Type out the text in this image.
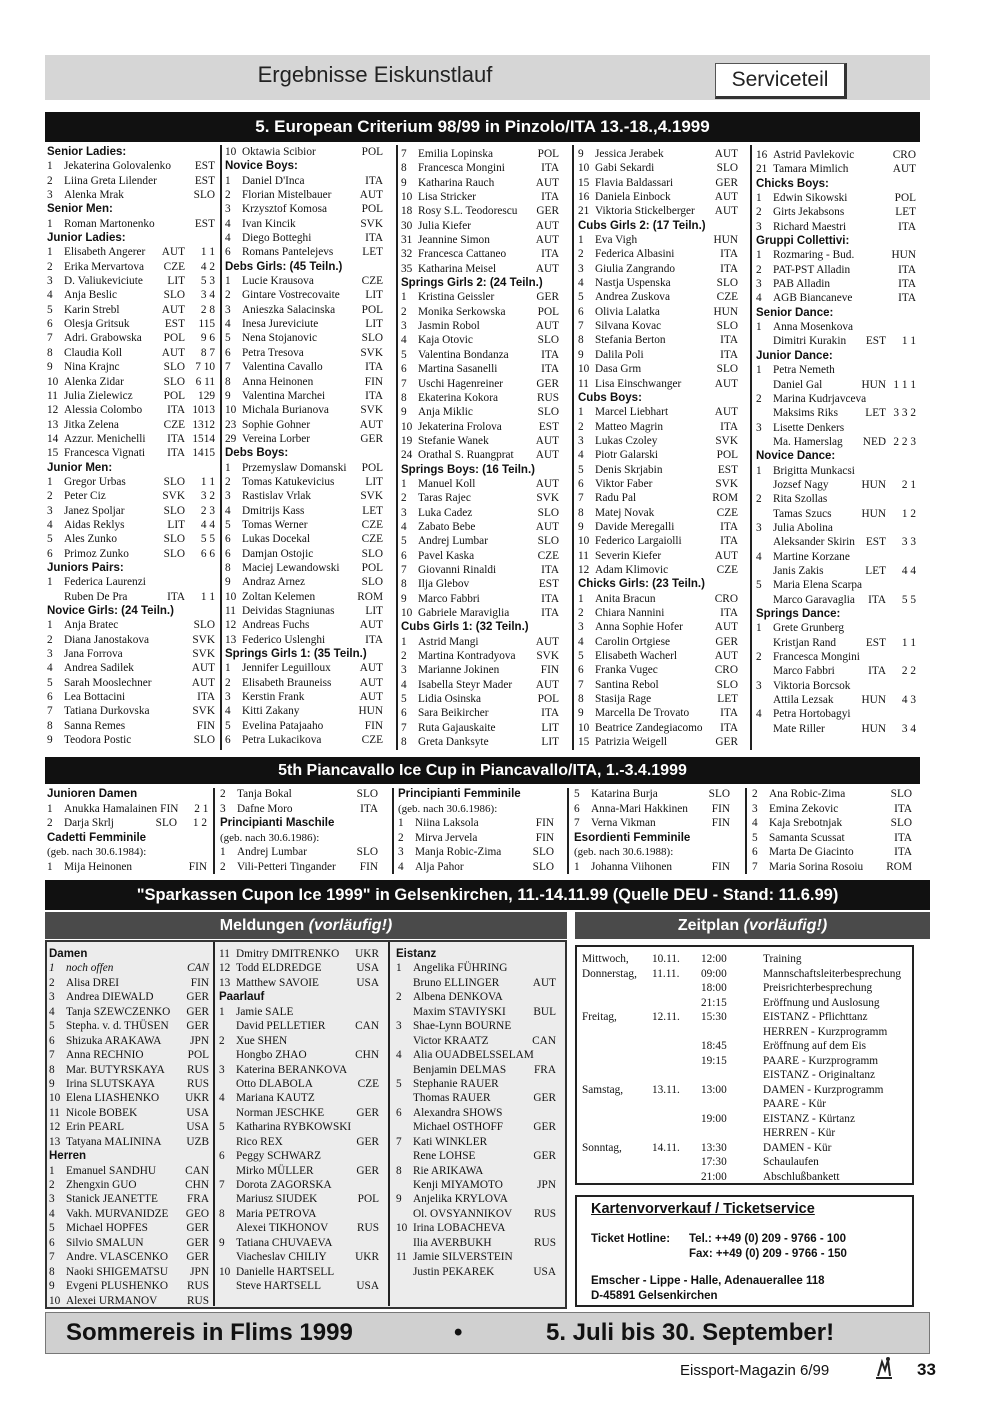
Ergebnisse Eiskunstlauf	Serviceteil
5. European Criterium 98/99 in Pinzolo/ITA 13.-18.,4.1999
Senior Ladies:
1	Jekaterina Golovalenko	EST
2	Liina Greta Lilender	EST
3	Alenka Mrak	SLO
Senior Men:
1	Roman Martonenko	EST
Junior Ladies:
1	Elisabeth Angerer	AUT	1 1
2	Erika Mervartova	CZE	4 2
3	D. Valiukeviciute	LIT	5 3
4	Anja Beslic	SLO	3 4
5	Karin Strebl	AUT	2 8
6	Olesja Gritsuk	EST	115
7	Adri. Grabowska	POL	9 6
8	Claudia Koll	AUT	8 7
9	Nina Krajnc	SLO 7 10
10 Alenka Zidar	SLO 6 11
11 Julia Zielewicz	POL	129
12 Alessia Colombo	ITA 1013
13 Jitka Zelena	CZE 1312
14 Azzur. Menichelli	ITA 1514
15 Francesca Vignati	ITA 1415
Junior Men:
1	Gregor Urbas	SLO	1 1
2	Peter Ciz	SVK	3 2
3	Janez Spoljar	SLO	2 3
4	Aidas Reklys	LIT	4 4
5	Ales Zunko	SLO	5 5
6	Primoz Zunko	SLO	6 6
Juniors Pairs:
1	Federica Laurenzi
Ruben De Pra	ITA	1 1
Novice Girls: (24 Teiln.)
1	Anja Bratec	SLO
2	Diana Janostakova	SVK
3	Jana Forrova	SVK
4	Andrea Sadilek	AUT
5	Sarah Mooslechner	AUT
6	Lea Bottacini	ITA
7	Tatiana Durkovska	SVK
8	Sanna Remes	FIN
9	Teodora Postic	SLO
10 Oktawia Scibior	POL
Novice Boys:
1	Daniel D'Inca	ITA
2	Florian Mistelbauer	AUT
3	Krzysztof Komosa	POL
4	Ivan Kincik	SVK
4	Diego Botteghi	ITA
6	Romans Pantelejevs	LET
Debs Girls: (45 Teiln.)
1	Lucie Krausova	CZE
2	Gintare Vostrecovaite	LIT
3	Anieszka Salacinska	POL
4	Inesa Jureviciute	LIT
5	Nena Stojanovic	SLO
6	Petra Tresova	SVK
7	Valentina Cavallo	ITA
8	Anna Heinonen	FIN
9	Valentina Marchei	ITA
10 Michala Burianova	SVK
23 Sophie Gohner	AUT
29 Vereina Lorber	GER
Debs Boys:
1	Przemyslaw Domanski	POL
2	Tomas Katukevicius	LIT
3	Rastislav Vrlak	SVK
4	Dmitrijs Kass	LET
5	Tomas Werner	CZE
6	Lukas Docekal	CZE
6	Damjan Ostojic	SLO
8	Maciej Lewandowski	POL
9	Andraz Arnez	SLO
10 Zoltan Kelemen	ROM
11 Deividas Stagniunas	LIT
12 Andreas Fuchs	AUT
13 Federico Uslenghi	ITA
Springs Girls 1: (35 Teiln.)
1	Jennifer Leguilloux	AUT
2	Elisabeth Brauneiss	AUT
3	Kerstin Frank	AUT
4	Kitti Zakany	HUN
5	Evelina Patajaaho	FIN
6	Petra Lukacikova	CZE
7	Emilia Lopinska	POL
8	Francesca Mongini	ITA
9	Katharina Rauch	AUT
10 Lisa Stricker	ITA
18 Rosy S.L. Teodorescu	GER
30 Julia Kiefer	AUT
31 Jeannine Simon	AUT
32 Francesca Cattaneo	ITA
35 Katharina Meisel	AUT
Springs Girls 2: (24 Teiln.)
1	Kristina Geissler	GER
2	Monika Serkowska	POL
3	Jasmin Robol	AUT
4	Kaja Otovic	SLO
5	Valentina Bondanza	ITA
6	Martina Sasanelli	ITA
7	Uschi Hagenreiner	GER
8	Ekaterina Kokora	RUS
9	Anja Miklic	SLO
10 Jekaterina Frolova	EST
19 Stefanie Wanek	AUT
24 Orathal S. Ruangprat	AUT
Springs Boys: (16 Teiln.)
1	Manuel Koll	AUT
2	Taras Rajec	SVK
3	Luka Cadez	SLO
4	Zabato Bebe	AUT
5	Andrej Lumbar	SLO
6	Pavel Kaska	CZE
7	Giovanni Rinaldi	ITA
8	Ilja Glebov	EST
9	Marco Fabbri	ITA
10 Gabriele Maraviglia	ITA
Cubs Girls 1: (32 Teiln.)
1	Astrid Mangi	AUT
2	Martina Kontradyova	SVK
3	Marianne Jokinen	FIN
4	Isabella Steyr Mader	AUT
5	Lidia Osinska	POL
6	Sara Beikircher	ITA
7	Ruta Gajauskaite	LIT
8	Greta Danksyte	LIT
9	Jessica Jerabek	AUT
10 Gabi Sekardi	SLO
15 Flavia Baldassari	GER
16 Daniela Einbock	AUT
21 Viktoria Stickelberger	AUT
Cubs Girls 2: (17 Teiln.)
1	Eva Vigh	HUN
2	Federica Albasini	ITA
3	Giulia Zangrando	ITA
4	Nastja Uspenska	SLO
5	Andrea Zuskova	CZE
6	Olivia Lalatka	HUN
7	Silvana Kovac	SLO
8	Stefania Berton	ITA
9	Dalila Poli	ITA
10 Dasa Grm	SLO
11 Lisa Einschwanger	AUT
Cubs Boys:
1	Marcel Liebhart	AUT
2	Matteo Magrin	ITA
3	Lukas Czoley	SVK
4	Piotr Galarski	POL
5	Denis Skrjabin	EST
6	Viktor Faber	SVK
7	Radu Pal	ROM
8	Matej Novak	CZE
9	Davide Meregalli	ITA
10 Federico Largaiolli	ITA
11 Severin Kiefer	AUT
12 Adam Klimovic	CZE
Chicks Girls: (23 Teiln.)
1	Anita Bracun	CRO
2	Chiara Nannini	ITA
3	Anna Sophie Hofer	AUT
4	Carolin Ortgiese	GER
5	Elisabeth Wacherl	AUT
6	Franka Vugec	CRO
7	Santina Rebol	SLO
8	Stasija Rage	LET
9	Marcella De Trovato	ITA
10 Beatrice Zandegiacomo	ITA
15 Patrizia Weigell	GER
16 Astrid Pavlekovic	CRO
21 Tamara Mimlich	AUT
Chicks Boys:
1	Edwin Sikowski	POL
2	Girts Jekabsons	LET
3	Richard Maestri	ITA
Gruppi Collettivi:
1	Rozmaring - Bud.	HUN
2	PAT-PST Alladin	ITA
3	PAB Alladin	ITA
4	AGB Biancaneve	ITA
Senior Dance:
1	Anna Mosenkova
Dimitri Kurakin	EST	1 1
Junior Dance:
1	Petra Nemeth
Daniel Gal	HUN 1 1 1
2	Marina Kudrjavceva
Maksims Riks	LET 3 3 2
3	Lisette Denkers
Ma. Hamerslag	NED 2 2 3
Novice Dance:
1	Brigitta Munkacsi
Jozsef Nagy	HUN	2 1
2	Rita Szollas
Tamas Szucs	HUN	1 2
3	Julia Abolina
Aleksander Skirin EST	3 3
4	Martine Korzane
Janis Zakis	LET	4 4
5	Maria Elena Scarpa
Marco Garavaglia	ITA	5 5
Springs Dance:
1	Grete Grunberg
Kristjan Rand	EST	1 1
2	Francesca Mongini
Marco Fabbri	ITA	2 2
3	Viktoria Borcsok
Attila Lezsak	HUN	4 3
4	Petra Hortobagyi
Mate Riller	HUN	3 4
5th Piancavallo Ice Cup in Piancavallo/ITA, 1.-3.4.1999
Junioren Damen
1	Anukka Hamalainen FIN	2 1
2	Darja Skrlj	SLO	1 2
Cadetti Femminile
(geb. nach 30.6.1984):
1	Mija Heinonen	FIN
2	Tanja Bokal	SLO
3	Dafne Moro	ITA
Principianti Maschile
(geb. nach 30.6.1986):
1	Andrej Lumbar	SLO
2	Vili-Petteri Tingander	FIN
Principianti Femminile
(geb. nach 30.6.1986):
1	Niina Laksola	FIN
2	Mirva Jervela	FIN
3	Manja Robic-Zima	SLO
4	Alja Pahor	SLO
5	Katarina Burja	SLO
6	Anna-Mari Hakkinen	FIN
7	Verna Vikman	FIN
Esordienti Femminile
(geb. nach 30.6.1988):
1	Johanna Viihonen	FIN
2	Ana Robic-Zima	SLO
3	Emina Zekovic	ITA
4	Kaja Srebotnjak	SLO
5	Samanta Scussat	ITA
6	Marta De Giacinto	ITA
7	Maria Sorina Rosoiu	ROM
"Sparkassen Cupon Ice 1999" in Gelsenkirchen, 11.-14.11.99 (Quelle DEU - Stand: 11.6.99)
Meldungen (vorläufig!)	Zeitplan (vorläufig!)
Damen
1	noch offen	CAN
2	Alisa DREI	FIN
3	Andrea DIEWALD	GER
4	Tanja SZEWCZENKO	GER
5	Stepha. v. d. THÜSEN	GER
6	Shizuka ARAKAWA	JPN
7	Anna RECHNIO	POL
8	Mar. BUTYRSKAYA	RUS
9	Irina SLUTSKAYA	RUS
10 Elena LIASHENKO	UKR
11 Nicole BOBEK	USA
12 Erin PEARL	USA
13 Tatyana MALININA	UZB
Herren
1	Emanuel SANDHU	CAN
2	Zhengxin GUO	CHN
3	Stanick JEANETTE	FRA
4	Vakh. MURVANIDZE	GEO
5	Michael HOPFES	GER
6	Silvio SMALUN	GER
7	Andre. VLASCENKO	GER
8	Naoki SHIGEMATSU	JPN
9	Evgeni PLUSHENKO	RUS
10 Alexei URMANOV	RUS
11 Dmitry DMITRENKO	UKR
12 Todd ELDREDGE	USA
13 Matthew SAVOIE	USA
Paarlauf
1	Jamie SALE
David PELLETIER	CAN
2	Xue SHEN
Hongbo ZHAO	CHN
3	Katerina BERANKOVA
Otto DLABOLA	CZE
4	Mariana KAUTZ
Norman JESCHKE	GER
5	Katharina RYBKOWSKI
Rico REX	GER
6	Peggy SCHWARZ
Mirko MÜLLER	GER
7	Dorota ZAGORSKA
Mariusz SIUDEK	POL
8	Maria PETROVA
Alexei TIKHONOV	RUS
9	Tatiana CHUVAEVA
Viacheslav CHILIY	UKR
10 Danielle HARTSELL
Steve HARTSELL	USA
Eistanz
1	Angelika FÜHRING
Bruno ELLINGER	AUT
2	Albena DENKOVA
Maxim STAVIYSKI	BUL
3	Shae-Lynn BOURNE
Victor KRAATZ	CAN
4	Alia OUADBELSSELAM
Benjamin DELMAS	FRA
5	Stephanie RAUER
Thomas RAUER	GER
6	Alexandra SHOWS
Michael OSTHOFF	GER
7	Kati WINKLER
Rene LOHSE	GER
8	Rie ARIKAWA
Kenji MIYAMOTO	JPN
9	Anjelika KRYLOVA
Ol. OVSYANNIKOV	RUS
10 Irina LOBACHEVA
Ilia AVERBUKH	RUS
11 Jamie SILVERSTEIN
Justin PEKAREK	USA
Mittwoch, 10.11. 12:00	Training
Donnerstag, 11.11. 09:00	Mannschaftsleiterbesprechung
18:00	Preisrichterbesprechung
21:15	Eröffnung und Auslosung
Freitag,	12.11. 15:30	EISTANZ - Pflichttanz
HERREN - Kurzprogramm
18:45	Eröffnung auf dem Eis
19:15	PAARE - Kurzprogramm
EISTANZ - Originaltanz
Samstag,	13.11. 13:00	DAMEN - Kurzprogramm
PAARE - Kür
19:00	EISTANZ - Kürtanz
HERREN - Kür
Sonntag,	14.11. 13:30	DAMEN - Kür
17:30	Schaulaufen
21:00	Abschlußbankett
Kartenvorverkauf / Ticketservice
Ticket Hotline: Tel.: ++49 (0) 209 - 9766 - 100
Fax: ++49 (0) 209 - 9766 - 150
Emscher - Lippe - Halle, Adenauerallee 118
D-45891 Gelsenkirchen
Sommereis in Flims 1999	•	5. Juli bis 30. September!
Eissport-Magazin 6/99	33
